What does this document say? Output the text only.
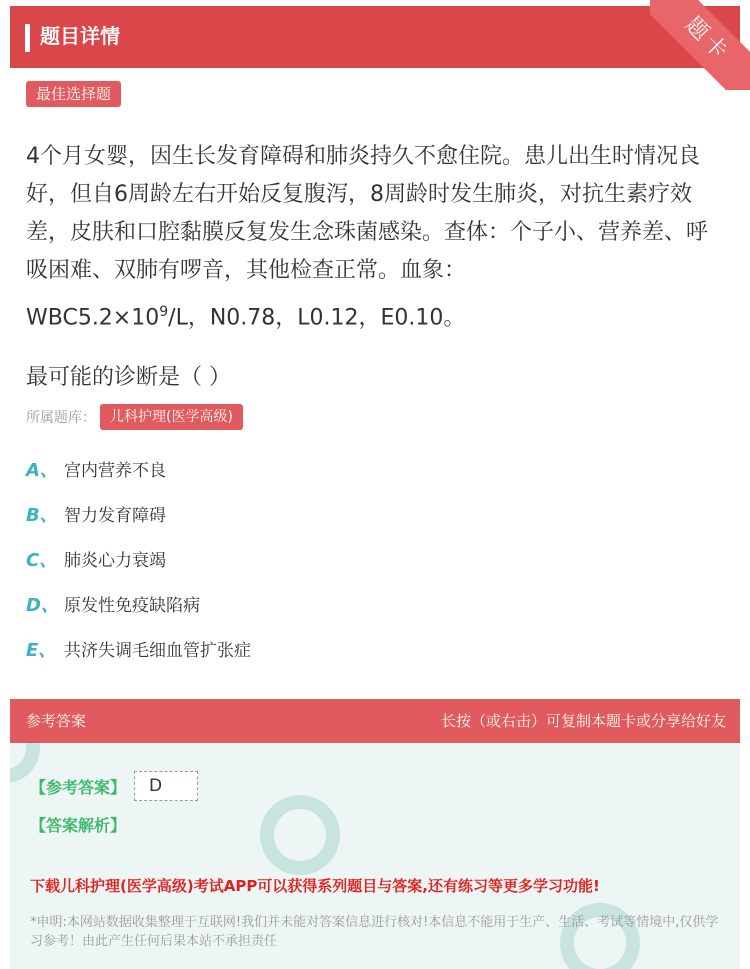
题目详情	题卡
最佳选择题
4个月女婴，因生长发育障碍和肺炎持久不愈住院。患儿出生时情况良好，但自6周龄左右开始反复腹泻，8周龄时发生肺炎，对抗生素疗效差，皮肤和口腔黏膜反复发生念珠菌感染。查体：个子小、营养差、呼吸困难、双肺有啰音，其他检查正常。血象：
$WBC5.2\times 10^9/L$，N0.78，L0.12，E0.10。
最可能的诊断是（ ）
所属题库：	儿科护理(医学高级)
A、 宫内营养不良
B、 智力发育障碍
C、 肺炎心力衰竭
D、 原发性免疫缺陷病
E、 共济失调毛细血管扩张症
参考答案	长按（或右击）可复制本题卡或分享给好友
【参考答案】	D
【答案解析】
下载儿科护理(医学高级)考试APP可以获得系列题目与答案,还有练习等更多学习功能!
*申明:本网站数据收集整理于互联网!我们并未能对答案信息进行核对!本信息不能用于生产、生活、考试等情境中,仅供学习参考！由此产生任何后果本站不承担责任
